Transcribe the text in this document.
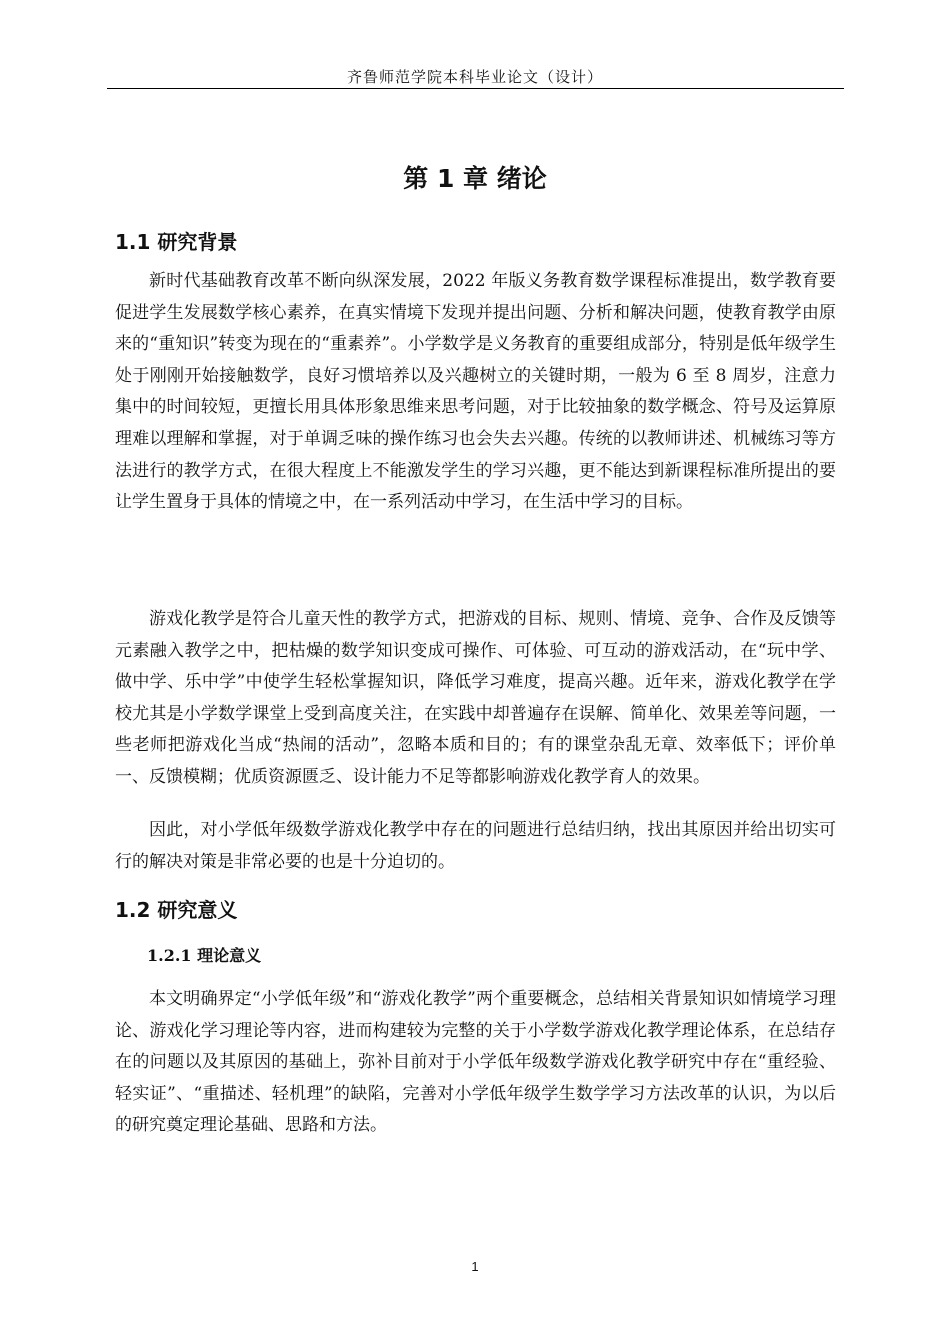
齐鲁师范学院本科毕业论文（设计）
第 1 章 绪论
1.1 研究背景

新时代基础教育改革不断向纵深发展，2022 年版义务教育数学课程标准提出，数学教育要促进学生发展数学核心素养，在真实情境下发现并提出问题、分析和解决问题，使教育教学由原来的“重知识”转变为现在的“重素养”。小学数学是义务教育的重要组成部分，特别是低年级学生处于刚刚开始接触数学，良好习惯培养以及兴趣树立的关键时期，一般为 6 至 8 周岁，注意力集中的时间较短，更擅长用具体形象思维来思考问题，对于比较抽象的数学概念、符号及运算原理难以理解和掌握，对于单调乏味的操作练习也会失去兴趣。传统的以教师讲述、机械练习等方法进行的教学方式，在很大程度上不能激发学生的学习兴趣，更不能达到新课程标准所提出的要让学生置身于具体的情境之中，在一系列活动中学习，在生活中学习的目标。

游戏化教学是符合儿童天性的教学方式，把游戏的目标、规则、情境、竞争、合作及反馈等元素融入教学之中，把枯燥的数学知识变成可操作、可体验、可互动的游戏活动，在“玩中学、做中学、乐中学”中使学生轻松掌握知识，降低学习难度，提高兴趣。近年来，游戏化教学在学校尤其是小学数学课堂上受到高度关注，在实践中却普遍存在误解、简单化、效果差等问题，一些老师把游戏化当成“热闹的活动”，忽略本质和目的；有的课堂杂乱无章、效率低下；评价单一、反馈模糊；优质资源匮乏、设计能力不足等都影响游戏化教学育人的效果。

因此，对小学低年级数学游戏化教学中存在的问题进行总结归纳，找出其原因并给出切实可行的解决对策是非常必要的也是十分迫切的。

1.2 研究意义
1.2.1 理论意义

本文明确界定“小学低年级”和“游戏化教学”两个重要概念，总结相关背景知识如情境学习理论、游戏化学习理论等内容，进而构建较为完整的关于小学数学游戏化教学理论体系，在总结存在的问题以及其原因的基础上，弥补目前对于小学低年级数学游戏化教学研究中存在“重经验、轻实证”、“重描述、轻机理”的缺陷，完善对小学低年级学生数学学习方法改革的认识，为以后的研究奠定理论基础、思路和方法。

1
